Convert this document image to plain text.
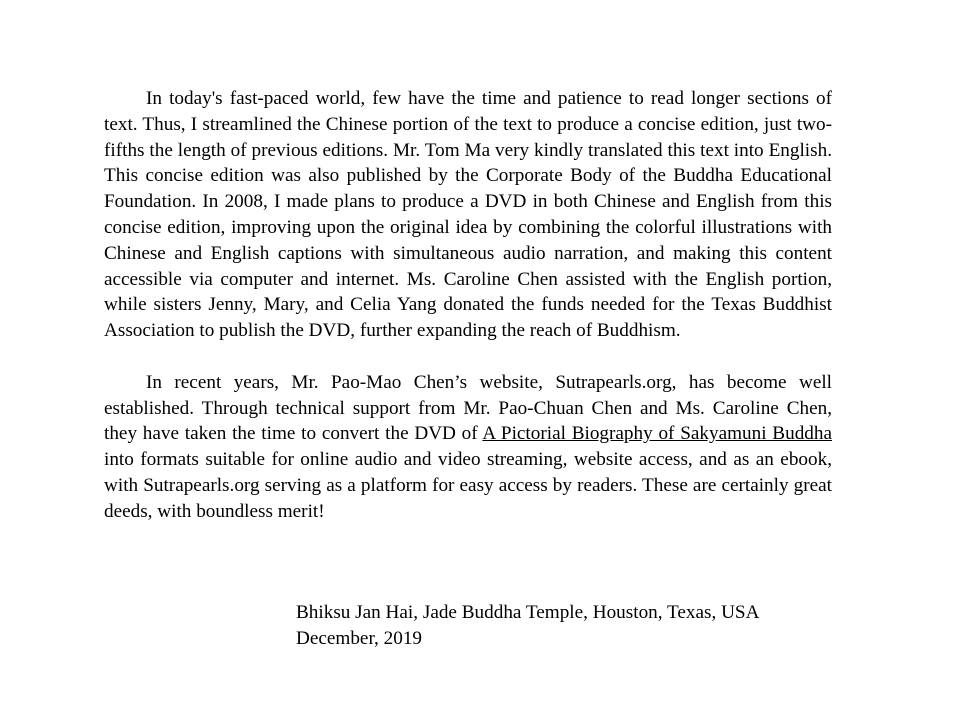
In today's fast-paced world, few have the time and patience to read longer sections of text. Thus, I streamlined the Chinese portion of the text to produce a concise edition, just two-fifths the length of previous editions. Mr. Tom Ma very kindly translated this text into English. This concise edition was also published by the Corporate Body of the Buddha Educational Foundation. In 2008, I made plans to produce a DVD in both Chinese and English from this concise edition, improving upon the original idea by combining the colorful illustrations with Chinese and English captions with simultaneous audio narration, and making this content accessible via computer and internet. Ms. Caroline Chen assisted with the English portion, while sisters Jenny, Mary, and Celia Yang donated the funds needed for the Texas Buddhist Association to publish the DVD, further expanding the reach of Buddhism.

In recent years, Mr. Pao-Mao Chen’s website, Sutrapearls.org, has become well established. Through technical support from Mr. Pao-Chuan Chen and Ms. Caroline Chen, they have taken the time to convert the DVD of A Pictorial Biography of Sakyamuni Buddha into formats suitable for online audio and video streaming, website access, and as an ebook, with Sutrapearls.org serving as a platform for easy access by readers. These are certainly great deeds, with boundless merit!

Bhiksu Jan Hai, Jade Buddha Temple, Houston, Texas, USA
December, 2019
